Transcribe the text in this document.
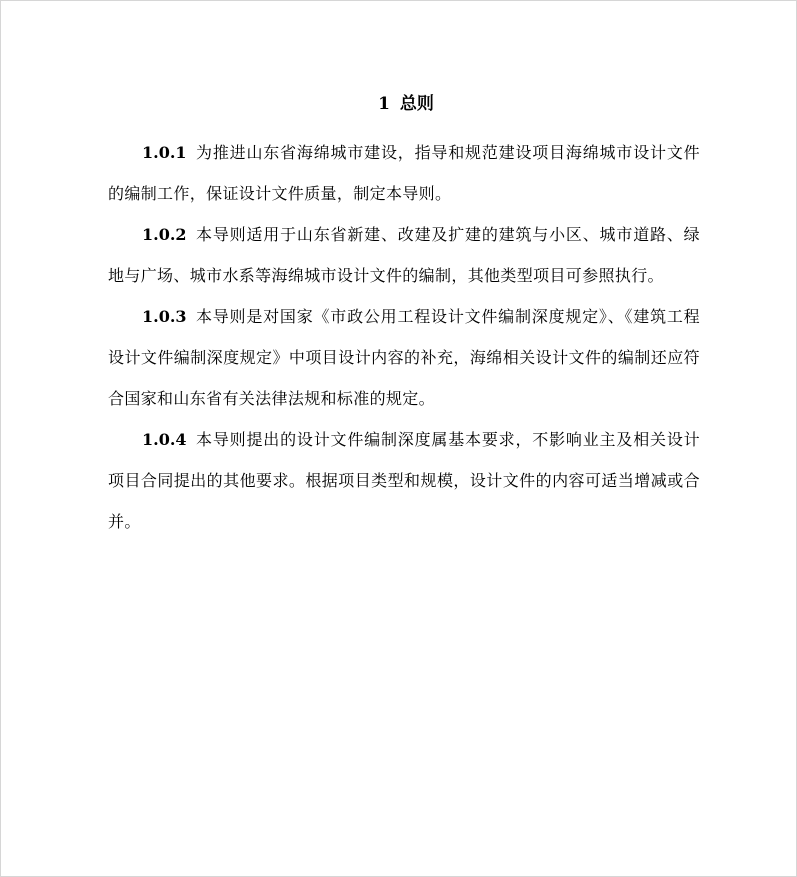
1 总则

1.0.1 为推进山东省海绵城市建设，指导和规范建设项目海绵城市设计文件的编制工作，保证设计文件质量，制定本导则。

1.0.2 本导则适用于山东省新建、改建及扩建的建筑与小区、城市道路、绿地与广场、城市水系等海绵城市设计文件的编制，其他类型项目可参照执行。

1.0.3 本导则是对国家《市政公用工程设计文件编制深度规定》、《建筑工程设计文件编制深度规定》中项目设计内容的补充，海绵相关设计文件的编制还应符合国家和山东省有关法律法规和标准的规定。

1.0.4 本导则提出的设计文件编制深度属基本要求，不影响业主及相关设计项目合同提出的其他要求。根据项目类型和规模，设计文件的内容可适当增减或合并。
